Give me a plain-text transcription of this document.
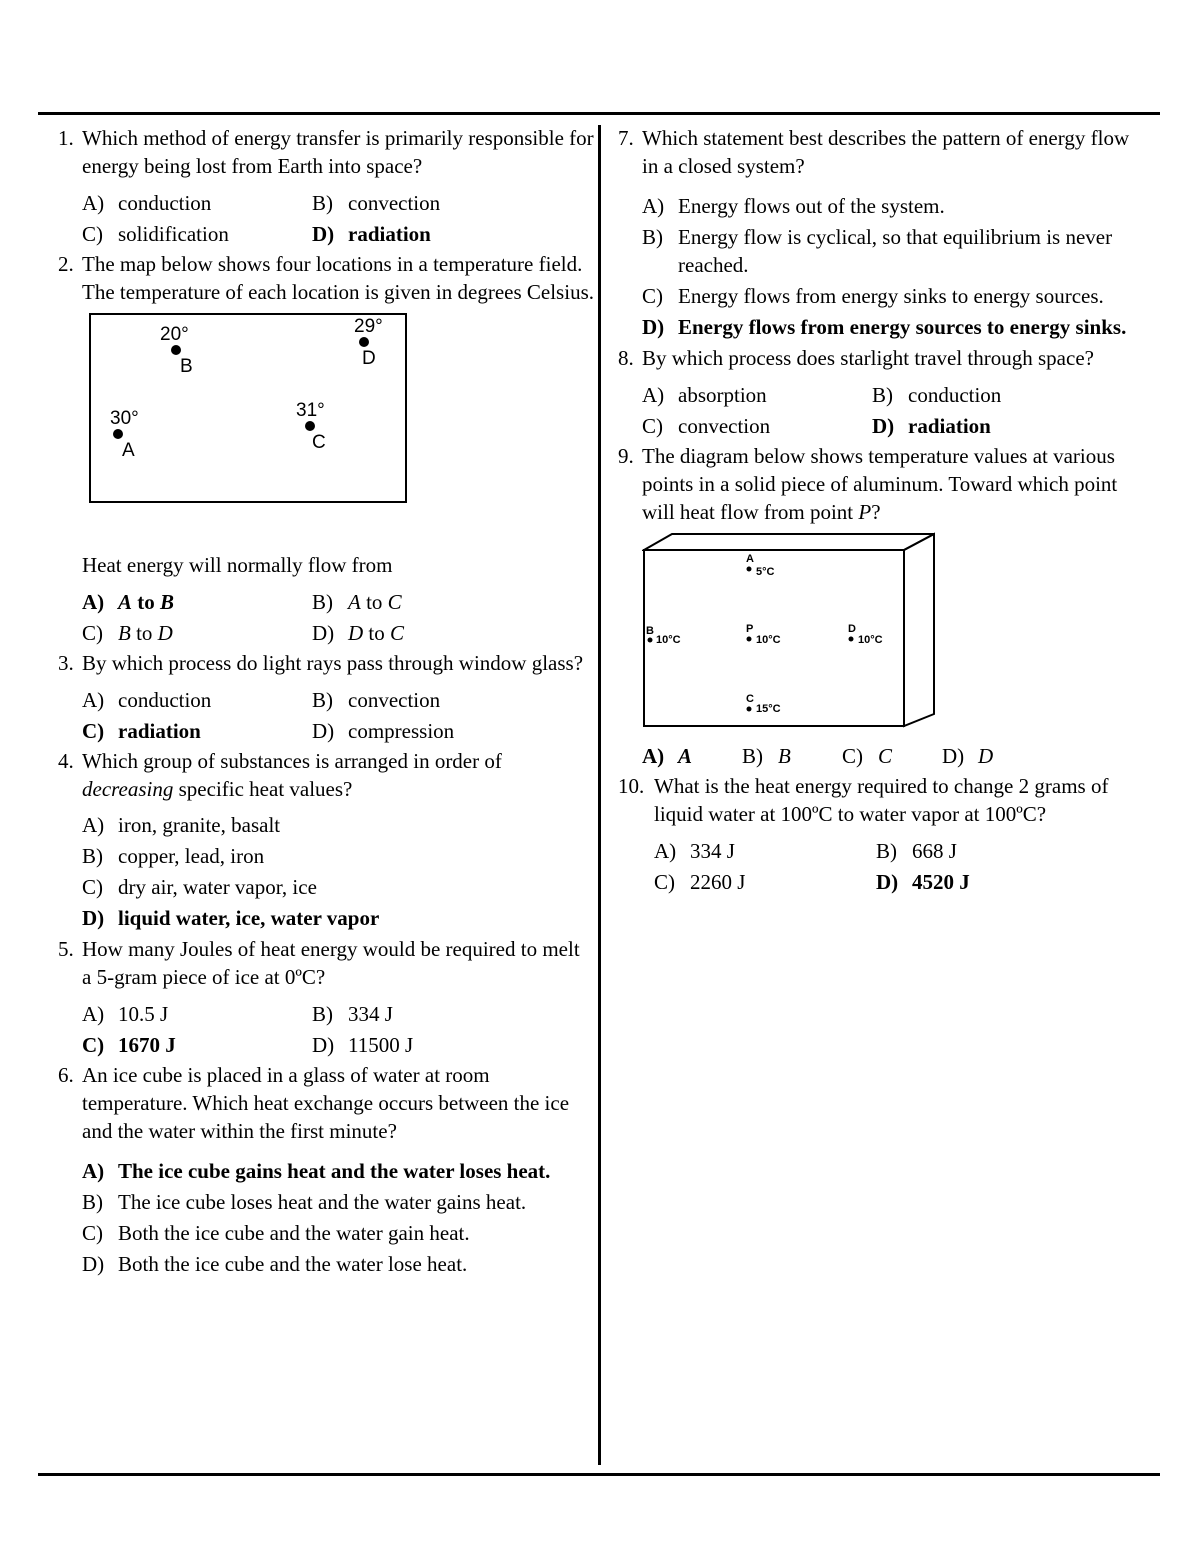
1. Which method of energy transfer is primarily responsible for energy being lost from Earth into space?

A) conduction	B) convection
C) solidification	D) radiation
2. The map below shows four locations in a temperature field. The temperature of each location is given in degrees Celsius.

20°
B
29°
D
30°
A
31°
C

Heat energy will normally flow from

A) A to B	B) A to C
C) B to D	D) D to C
3. By which process do light rays pass through window glass?

A) conduction	B) convection
C) radiation	D) compression
4. Which group of substances is arranged in order of decreasing specific heat values?

A) iron, granite, basalt
B) copper, lead, iron
C) dry air, water vapor, ice
D) liquid water, ice, water vapor
5. How many Joules of heat energy would be required to melt a 5-gram piece of ice at 0ºC?

A) 10.5 J	B) 334 J
C) 1670 J	D) 11500 J
6. An ice cube is placed in a glass of water at room temperature. Which heat exchange occurs between the ice and the water within the first minute?

A) The ice cube gains heat and the water loses heat.
B) The ice cube loses heat and the water gains heat.
C) Both the ice cube and the water gain heat.
D) Both the ice cube and the water lose heat.
7. Which statement best describes the pattern of energy flow in a closed system?

A) Energy flows out of the system.
B) Energy flow is cyclical, so that equilibrium is never reached.
C) Energy flows from energy sinks to energy sources.
D) Energy flows from energy sources to energy sinks.
8. By which process does starlight travel through space?

A) absorption	B) conduction
C) convection	D) radiation
9. The diagram below shows temperature values at various points in a solid piece of aluminum. Toward which point will heat flow from point P?

A
5°C
B
10°C
P
10°C
D
10°C
C
15°C
A) A B) B C) C D) D
10. What is the heat energy required to change 2 grams of liquid water at 100ºC to water vapor at 100ºC?

A) 334 J	B) 668 J
C) 2260 J	D) 4520 J
